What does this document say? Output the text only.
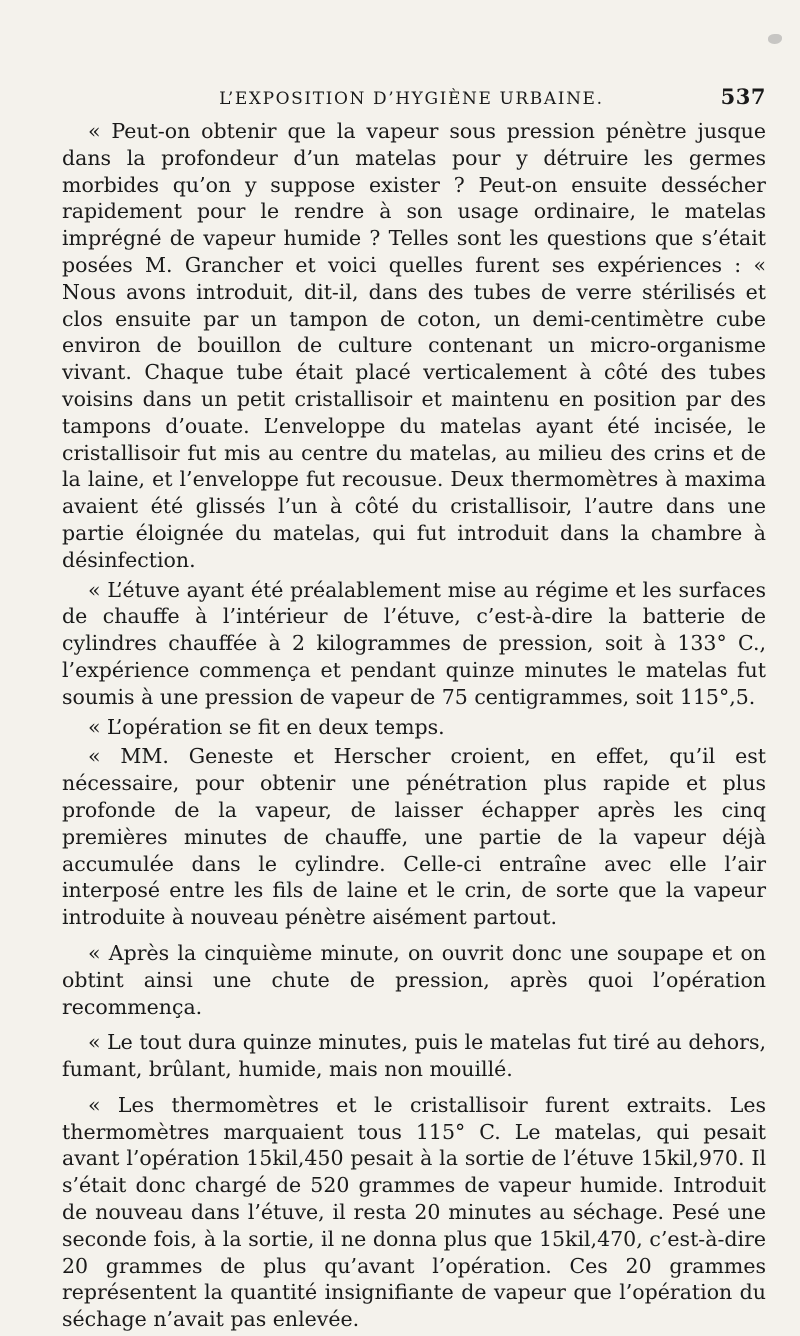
L’EXPOSITION D’HYGIÈNE URBAINE.	537

« Peut-on obtenir que la vapeur sous pression pénètre jusque dans la profondeur d’un matelas pour y détruire les germes morbides qu’on y suppose exister ? Peut-on ensuite dessécher rapidement pour le rendre à son usage ordinaire, le matelas imprégné de vapeur humide ? Telles sont les questions que s’était posées M. Grancher et voici quelles furent ses expériences : « Nous avons introduit, dit-il, dans des tubes de verre stérilisés et clos ensuite par un tampon de coton, un demi-centimètre cube environ de bouillon de culture contenant un micro-organisme vivant. Chaque tube était placé verticalement à côté des tubes voisins dans un petit cristallisoir et maintenu en position par des tampons d’ouate. L’enveloppe du matelas ayant été incisée, le cristallisoir fut mis au centre du matelas, au milieu des crins et de la laine, et l’enveloppe fut recousue. Deux thermomètres à maxima avaient été glissés l’un à côté du cristallisoir, l’autre dans une partie éloignée du matelas, qui fut introduit dans la chambre à désinfection.

« L’étuve ayant été préalablement mise au régime et les surfaces de chauffe à l’intérieur de l’étuve, c’est-à-dire la batterie de cylindres chauffée à 2 kilogrammes de pression, soit à 133° C., l’expérience commença et pendant quinze minutes le matelas fut soumis à une pression de vapeur de 75 centigrammes, soit 115°,5.

« L’opération se fit en deux temps.

« MM. Geneste et Herscher croient, en effet, qu’il est nécessaire, pour obtenir une pénétration plus rapide et plus profonde de la vapeur, de laisser échapper après les cinq premières minutes de chauffe, une partie de la vapeur déjà accumulée dans le cylindre. Celle-ci entraîne avec elle l’air interposé entre les fils de laine et le crin, de sorte que la vapeur introduite à nouveau pénètre aisément partout.

« Après la cinquième minute, on ouvrit donc une soupape et on obtint ainsi une chute de pression, après quoi l’opération recommença.

« Le tout dura quinze minutes, puis le matelas fut tiré au dehors, fumant, brûlant, humide, mais non mouillé.

« Les thermomètres et le cristallisoir furent extraits. Les thermomètres marquaient tous 115° C. Le matelas, qui pesait avant l’opération 15kil,450 pesait à la sortie de l’étuve 15kil,970. Il s’était donc chargé de 520 grammes de vapeur humide. Introduit de nouveau dans l’étuve, il resta 20 minutes au séchage. Pesé une seconde fois, à la sortie, il ne donna plus que 15kil,470, c’est-à-dire 20 grammes de plus qu’avant l’opération. Ces 20 grammes représentent la quantité insignifiante de vapeur que l’opération du séchage n’avait pas enlevée.
